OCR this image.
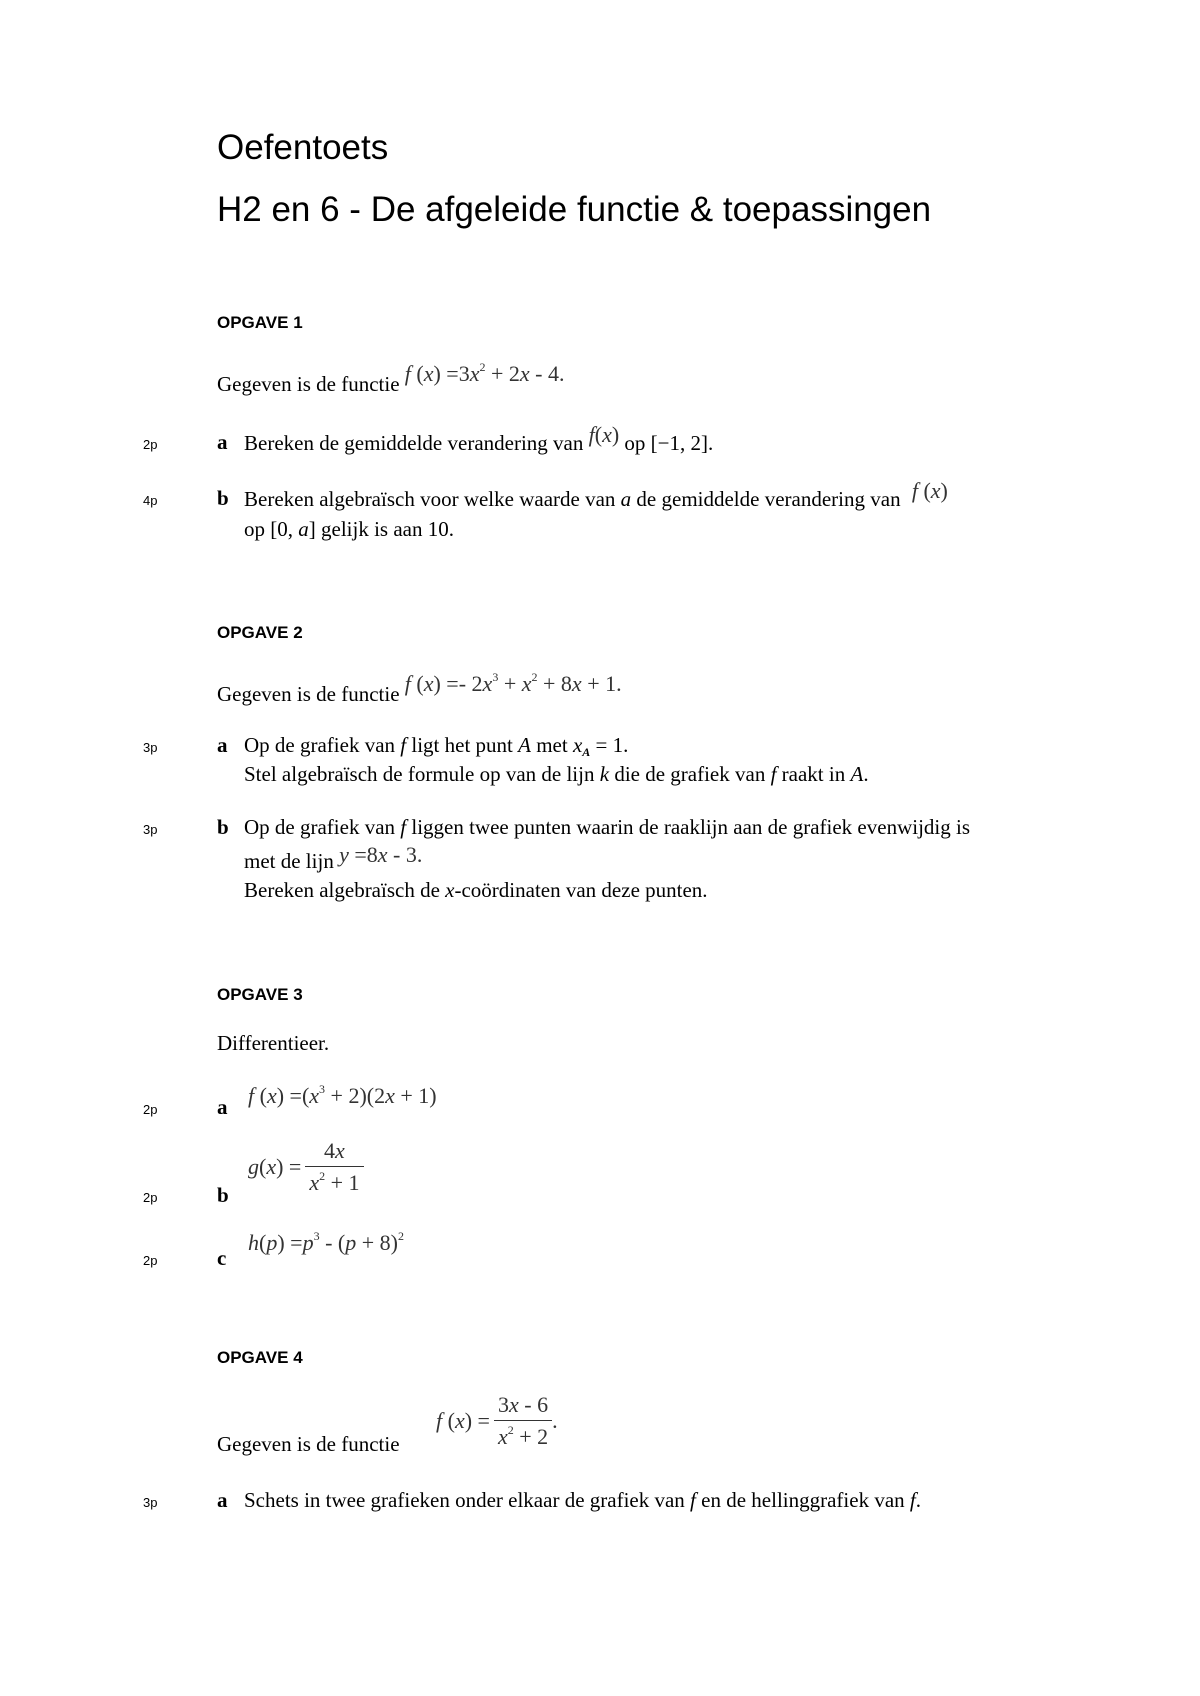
Oefentoets
H2 en 6 - De afgeleide functie & toepassingen
OPGAVE 1
Gegeven is de functie f $(x) =3x^2 + 2x - 4$.
2p	a Bereken de gemiddelde verandering van f(x) op [−1, 2].
4p	b Bereken algebraïsch voor welke waarde van a de gemiddelde verandering van f (x)
op [0, a] gelijk is aan 10.
OPGAVE 2
Gegeven is de functie f $(x) =- 2x^3 + x^2 + 8x + 1$.
3p	a Op de grafiek van f ligt het punt A met $x_A = 1$.
Stel algebraïsch de formule op van de lijn k die de grafiek van f raakt in A.
3p	b Op de grafiek van f liggen twee punten waarin de raaklijn aan de grafiek evenwijdig is
met de lijn y =8x - 3.
Bereken algebraïsch de x-coördinaten van deze punten.
OPGAVE 3
Differentieer.
2p	a f $(x) =(x^3 + 2)(2x + 1)$
2p	b
$g(x) = \frac{4x}{x^2 + 1}$
2p	c
$h(p) =p^3 - (p + 8)^2$
OPGAVE 4
Gegeven is de functie
f $(x) = \frac{3x - 6}{x^2 + 2}$ .
3p	a Schets in twee grafieken onder elkaar de grafiek van f en de hellinggrafiek van f.
